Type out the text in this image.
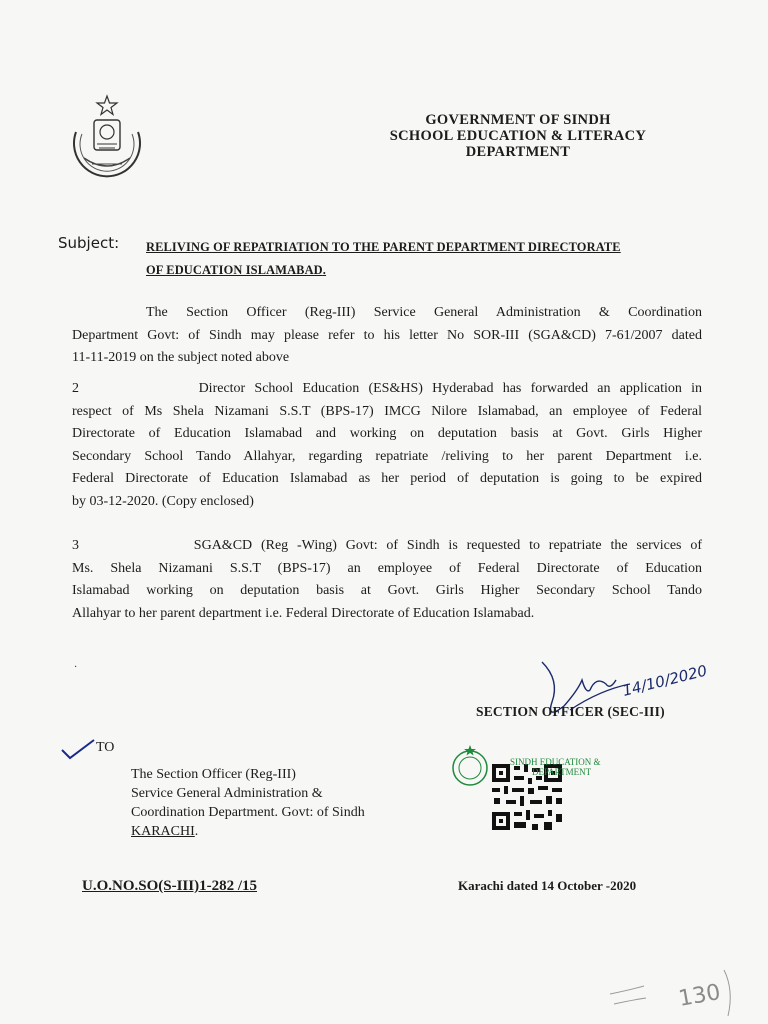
GOVERNMENT OF SINDH
SCHOOL EDUCATION & LITERACY
DEPARTMENT
Subject: RELIVING OF REPATRIATION TO THE PARENT DEPARTMENT DIRECTORATE
OF EDUCATION ISLAMABAD.
The Section Officer (Reg-III) Service General Administration & Coordination
Department Govt: of Sindh may please refer to his letter No SOR-III (SGA&CD) 7-61/2007 dated
11-11-2019 on the subject noted above
2             Director School Education (ES&HS) Hyderabad has forwarded an application in
respect of Ms Shela Nizamani S.S.T (BPS-17) IMCG Nilore Islamabad, an employee of Federal
Directorate of Education Islamabad and working on deputation basis at Govt. Girls Higher
Secondary School Tando Allahyar, regarding repatriate /reliving to her parent Department i.e.
Federal Directorate of Education Islamabad as her period of deputation is going to be expired
by 03-12-2020. (Copy enclosed)
3             SGA&CD (Reg -Wing) Govt: of Sindh is requested to repatriate the services of
Ms. Shela Nizamani S.S.T (BPS-17) an employee of Federal Directorate of Education
Islamabad working on deputation basis at Govt. Girls Higher Secondary School Tando
Allahyar to her parent department i.e. Federal Directorate of Education Islamabad.
·	14/10/2020
SECTION OFFICER (SEC-III)
TO
The Section Officer (Reg-III)
Service General Administration &
Coordination Department. Govt: of Sindh
KARACHI.
SINDH EDUCATION &
DEPARTMENT
U.O.NO.SO(S-III)1-282 /15	Karachi dated 14 October -2020
130
